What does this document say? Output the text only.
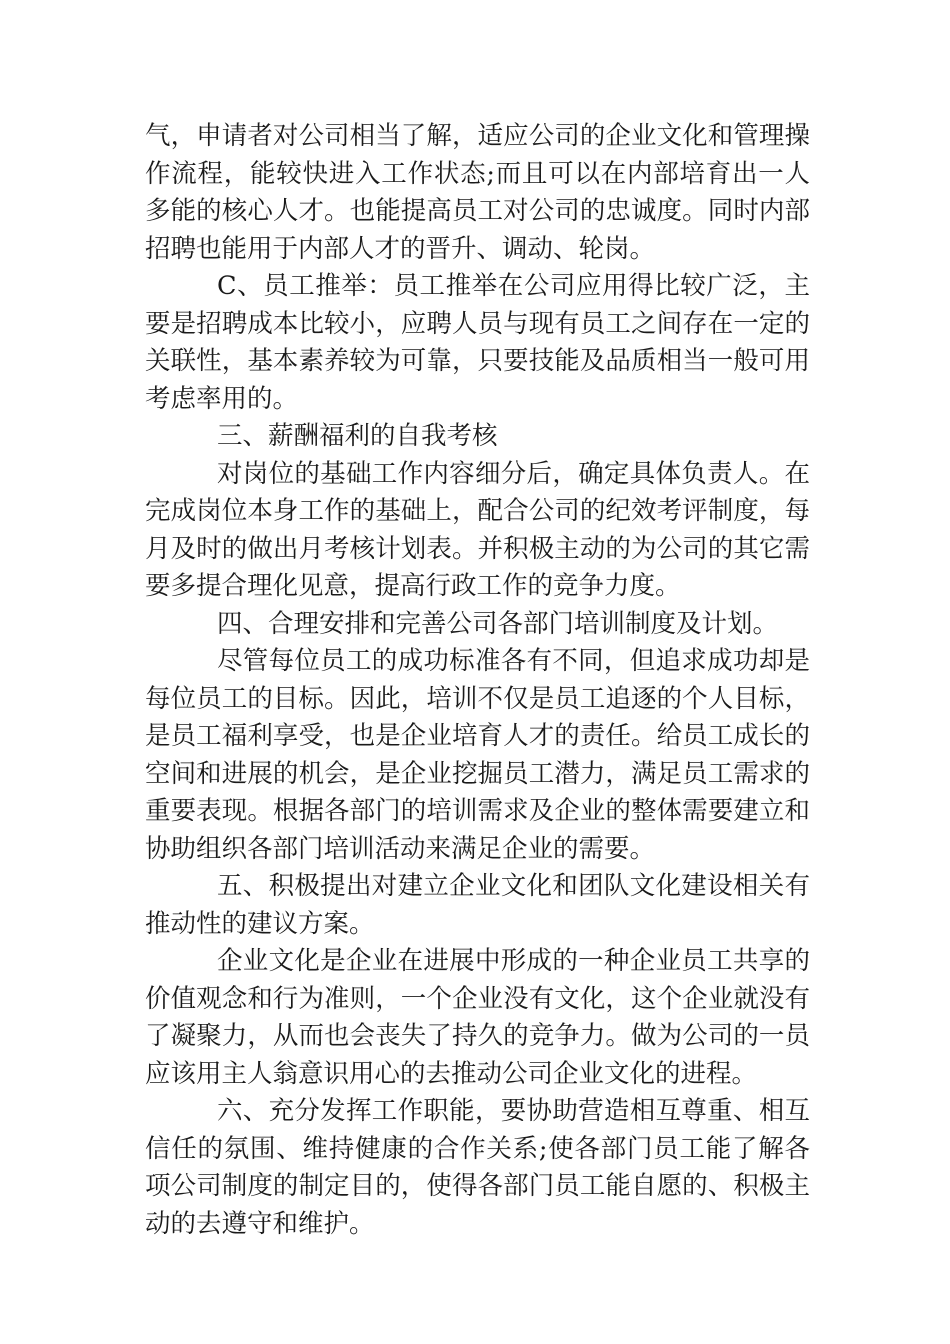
气，申请者对公司相当了解，适应公司的企业文化和管理操作流程，能较快进入工作状态;而且可以在内部培育出一人多能的核心人才。也能提高员工对公司的忠诚度。同时内部招聘也能用于内部人才的晋升、调动、轮岗。

C、员工推举：员工推举在公司应用得比较广泛，主要是招聘成本比较小，应聘人员与现有员工之间存在一定的关联性，基本素养较为可靠，只要技能及品质相当一般可用考虑率用的。

三、薪酬福利的自我考核

对岗位的基础工作内容细分后，确定具体负责人。在完成岗位本身工作的基础上，配合公司的纪效考评制度，每月及时的做出月考核计划表。并积极主动的为公司的其它需要多提合理化见意，提高行政工作的竞争力度。

四、合理安排和完善公司各部门培训制度及计划。

尽管每位员工的成功标准各有不同，但追求成功却是每位员工的目标。因此，培训不仅是员工追逐的个人目标，是员工福利享受，也是企业培育人才的责任。给员工成长的空间和进展的机会，是企业挖掘员工潜力，满足员工需求的重要表现。根据各部门的培训需求及企业的整体需要建立和协助组织各部门培训活动来满足企业的需要。

五、积极提出对建立企业文化和团队文化建设相关有推动性的建议方案。

企业文化是企业在进展中形成的一种企业员工共享的价值观念和行为准则，一个企业没有文化，这个企业就没有了凝聚力，从而也会丧失了持久的竞争力。做为公司的一员应该用主人翁意识用心的去推动公司企业文化的进程。

六、充分发挥工作职能，要协助营造相互尊重、相互信任的氛围、维持健康的合作关系;使各部门员工能了解各项公司制度的制定目的，使得各部门员工能自愿的、积极主动的去遵守和维护。
